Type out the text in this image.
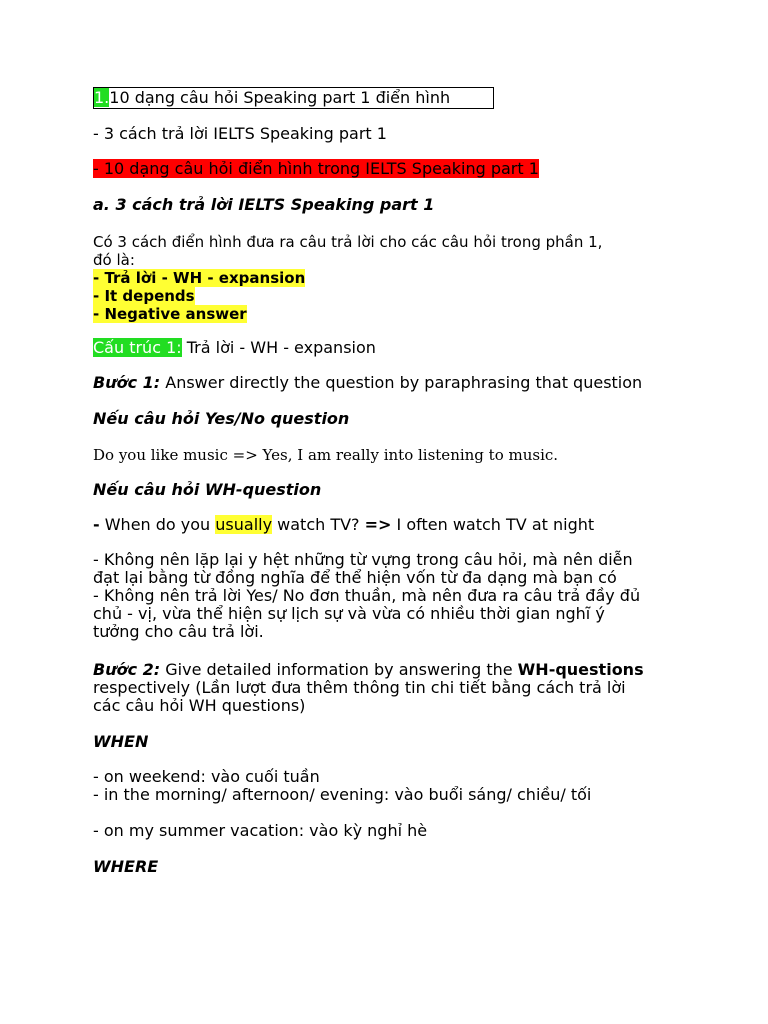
1.10 dạng câu hỏi Speaking part 1 điển hình

- 3 cách trả lời IELTS Speaking part 1

- 10 dạng câu hỏi điển hình trong IELTS Speaking part 1

a. 3 cách trả lời IELTS Speaking part 1

Có 3 cách điển hình đưa ra câu trả lời cho các câu hỏi trong phần 1,
đó là:
- Trả lời - WH - expansion
- It depends
- Negative answer

Cấu trúc 1: Trả lời - WH - expansion

Bước 1: Answer directly the question by paraphrasing that question

Nếu câu hỏi Yes/No question

Do you like music => Yes, I am really into listening to music.

Nếu câu hỏi WH-question

- When do you usually watch TV? => I often watch TV at night

- Không nên lặp lại y hệt những từ vựng trong câu hỏi, mà nên diễn
đạt lại bằng từ đồng nghĩa để thể hiện vốn từ đa dạng mà bạn có
- Không nên trả lời Yes/ No đơn thuần, mà nên đưa ra câu trả đầy đủ
chủ - vị, vừa thể hiện sự lịch sự và vừa có nhiều thời gian nghĩ ý
tưởng cho câu trả lời.
Bước 2: Give detailed information by answering the WH-questions
respectively (Lần lượt đưa thêm thông tin chi tiết bằng cách trả lời
các câu hỏi WH questions)

WHEN

- on weekend: vào cuối tuần
- in the morning/ afternoon/ evening: vào buổi sáng/ chiều/ tối

- on my summer vacation: vào kỳ nghỉ hè

WHERE
